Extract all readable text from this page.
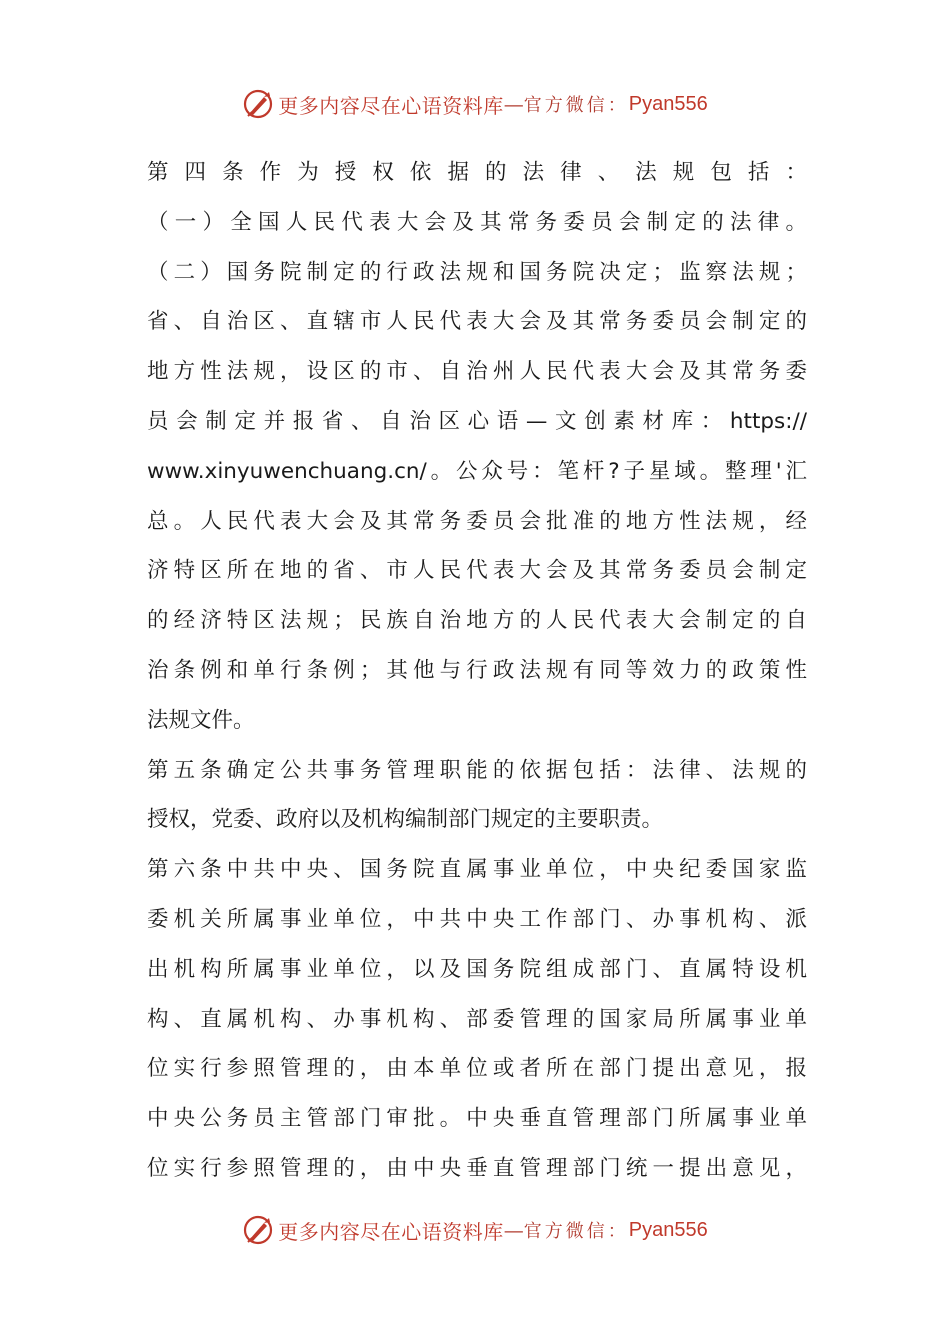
更多内容尽在心语资料库 — 官方微信： Pyan556
第四条作为授权依据的法律、法规包括：
（一）全国人民代表大会及其常务委员会制定的法律。
（二）国务院制定的行政法规和国务院决定；监察法规；
省、自治区、直辖市人民代表大会及其常务委员会制定的
地方性法规，设区的市、自治州人民代表大会及其常务委
员会制定并报省、自治区心语—文创素材库：https://
www.xinyuwenchuang.cn/。公众号：笔杆?子星域。整理'汇
总。人民代表大会及其常务委员会批准的地方性法规，经
济特区所在地的省、市人民代表大会及其常务委员会制定
的经济特区法规；民族自治地方的人民代表大会制定的自
治条例和单行条例；其他与行政法规有同等效力的政策性
法规文件。
第五条确定公共事务管理职能的依据包括：法律、法规的
授权，党委、政府以及机构编制部门规定的主要职责。
第六条中共中央、国务院直属事业单位，中央纪委国家监
委机关所属事业单位，中共中央工作部门、办事机构、派
出机构所属事业单位，以及国务院组成部门、直属特设机
构、直属机构、办事机构、部委管理的国家局所属事业单
位实行参照管理的，由本单位或者所在部门提出意见，报
中央公务员主管部门审批。中央垂直管理部门所属事业单
位实行参照管理的，由中央垂直管理部门统一提出意见，
更多内容尽在心语资料库 — 官方微信： Pyan556
